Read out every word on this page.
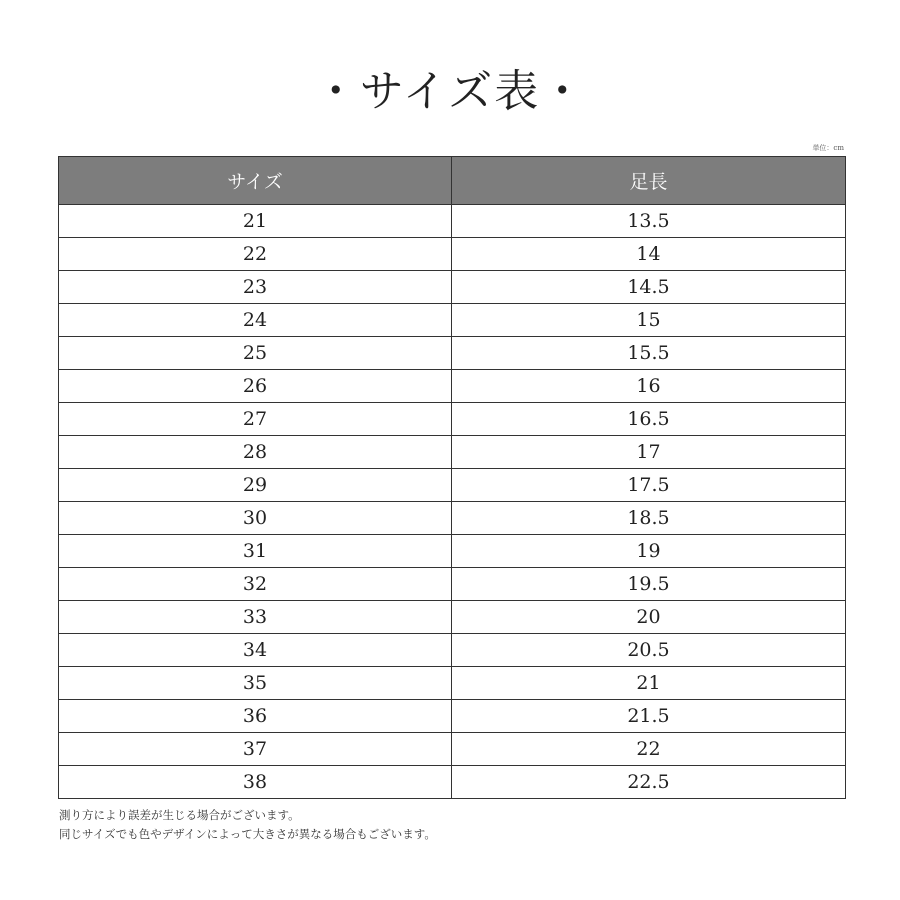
・サイズ表・
単位：cm
サイズ	足長
21	13.5
22	14
23	14.5
24	15
25	15.5
26	16
27	16.5
28	17
29	17.5
30	18.5
31	19
32	19.5
33	20
34	20.5
35	21
36	21.5
37	22
38	22.5
測り方により誤差が生じる場合がございます。
同じサイズでも色やデザインによって大きさが異なる場合もございます。
